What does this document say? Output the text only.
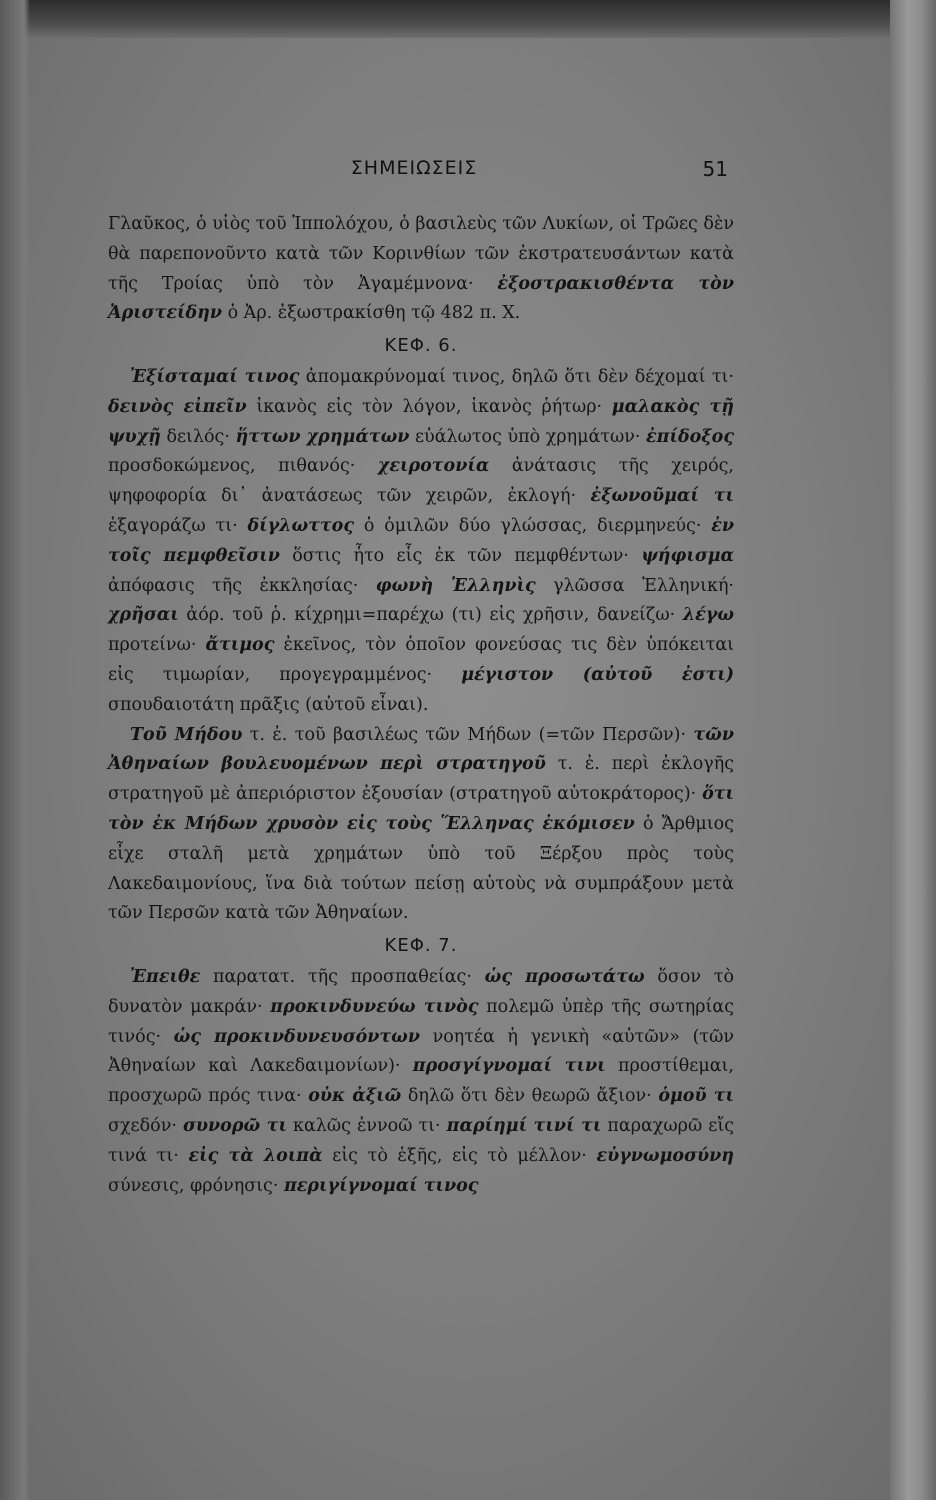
ΣΗΜΕΙΩΣΕΙΣ	51

Γλαῦκος, ὁ υἱὸς τοῦ Ἱππολόχου, ὁ βασιλεὺς τῶν Λυκίων, οἱ Τρῶες δὲν θὰ παρεπονοῦντο κατὰ τῶν Κορινθίων τῶν ἐκστρατευσάντων κατὰ τῆς Τροίας ὑπὸ τὸν Ἀγαμέμνονα· ἐξοστρακισθέντα τὸν Ἀριστείδην ὁ Ἀρ. ἐξωστρακίσθη τῷ 482 π. Χ.

ΚΕΦ. 6.

Ἐξίσταμαί τινος ἀπομακρύνομαί τινος, δηλῶ ὅτι δὲν δέχομαί τι· δεινὸς εἰπεῖν ἱκανὸς εἰς τὸν λόγον, ἱκανὸς ῥήτωρ· μαλακὸς τῇ ψυχῇ δειλός· ἥττων χρημάτων εὐάλωτος ὑπὸ χρημάτων· ἐπίδοξος προσδοκώμενος, πιθανός· χειροτονία ἀνάτασις τῆς χειρός, ψηφοφορία δι᾽ ἀνατάσεως τῶν χειρῶν, ἐκλογή· ἐξωνοῦμαί τι ἐξαγοράζω τι· δίγλωττος ὁ ὁμιλῶν δύο γλώσσας, διερμηνεύς· ἐν τοῖς πεμφθεῖσιν ὅστις ἦτο εἷς ἐκ τῶν πεμφθέντων· ψήφισμα ἀπόφασις τῆς ἐκκλησίας· φωνὴ Ἑλληνὶς γλῶσσα Ἑλληνική· χρῆσαι ἀόρ. τοῦ ῥ. κίχρημι=παρέχω (τι) εἰς χρῆσιν, δανείζω· λέγω προτείνω· ἄτιμος ἐκεῖνος, τὸν ὁποῖον φονεύσας τις δὲν ὑπόκειται εἰς τιμωρίαν, προγεγραμμένος· μέγιστον (αὐτοῦ ἐστι) σπουδαιοτάτη πρᾶξις (αὐτοῦ εἶναι).

Τοῦ Μήδου τ. ἐ. τοῦ βασιλέως τῶν Μήδων (=τῶν Περσῶν)· τῶν Ἀθηναίων βουλευομένων περὶ στρατηγοῦ τ. ἐ. περὶ ἐκλογῆς στρατηγοῦ μὲ ἀπεριόριστον ἐξουσίαν (στρατηγοῦ αὐτοκράτορος)· ὅτι τὸν ἐκ Μήδων χρυσὸν εἰς τοὺς Ἕλληνας ἐκόμισεν ὁ Ἄρθμιος εἶχε σταλῆ μετὰ χρημάτων ὑπὸ τοῦ Ξέρξου πρὸς τοὺς Λακεδαιμονίους, ἵνα διὰ τούτων πείσῃ αὐτοὺς νὰ συμπράξουν μετὰ τῶν Περσῶν κατὰ τῶν Ἀθηναίων.

ΚΕΦ. 7.

Ἐπειθε παρατατ. τῆς προσπαθείας· ὡς προσωτάτω ὅσον τὸ δυνατὸν μακράν· προκινδυνεύω τινὸς πολεμῶ ὑπὲρ τῆς σωτηρίας τινός· ὡς προκινδυνευσόντων νοητέα ἡ γενικὴ «αὐτῶν» (τῶν Ἀθηναίων καὶ Λακεδαιμονίων)· προσγίγνομαί τινι προστίθεμαι, προσχωρῶ πρός τινα· οὐκ ἀξιῶ δηλῶ ὅτι δὲν θεωρῶ ἄξιον· ὁμοῦ τι σχεδόν· συνορῶ τι καλῶς ἐννοῶ τι· παρίημί τινί τι παραχωρῶ εἴς τινά τι· εἰς τὰ λοιπὰ εἰς τὸ ἑξῆς, εἰς τὸ μέλλον· εὐγνωμοσύνη σύνεσις, φρόνησις· περιγίγνομαί τινος
